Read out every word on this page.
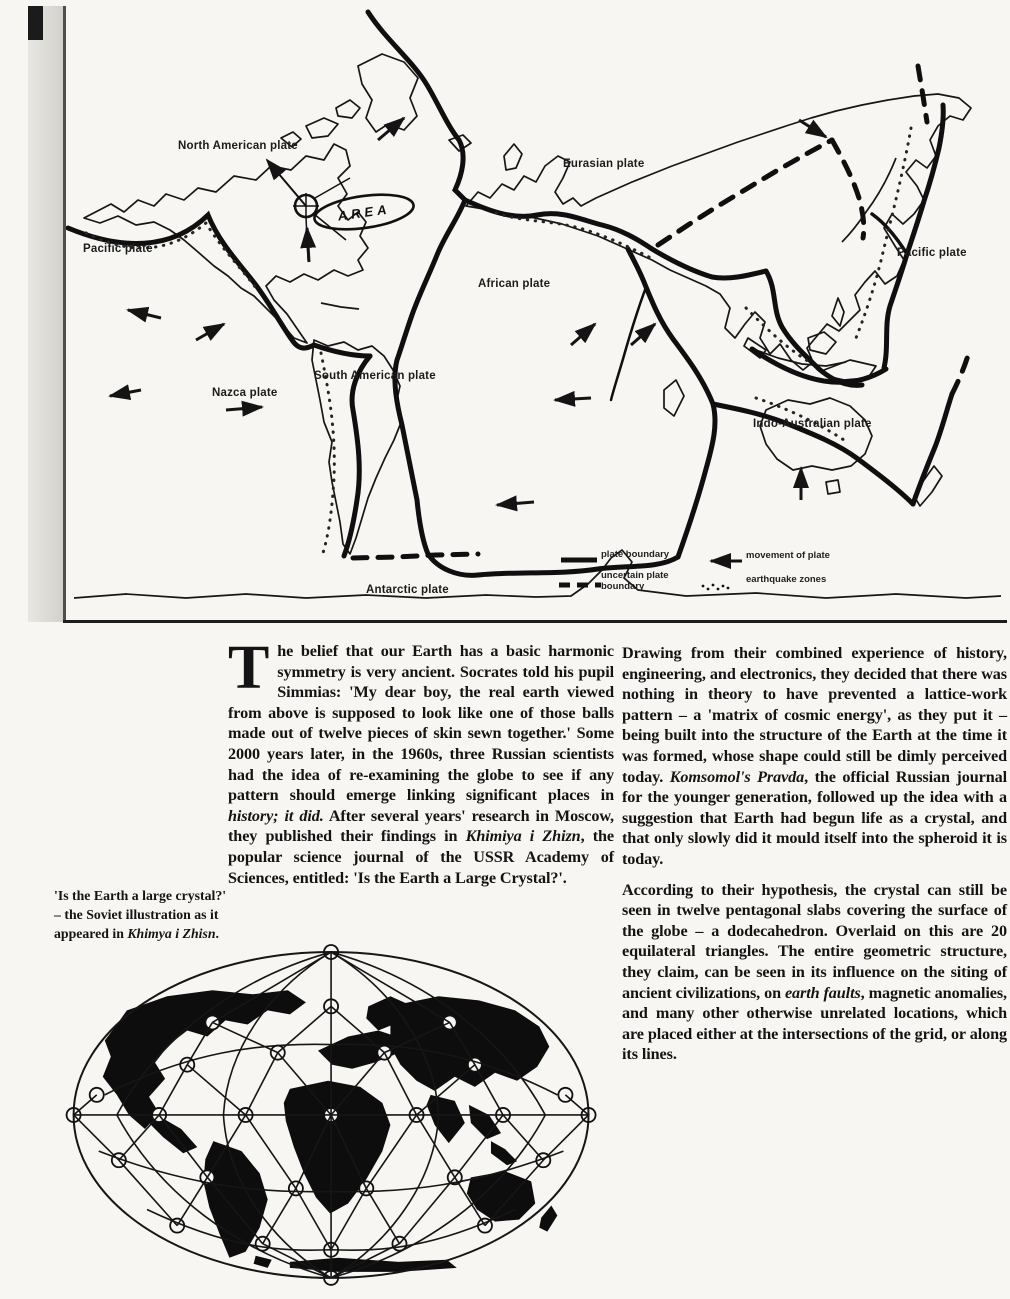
AREA
North American plate
Eurasian plate
Pacific plate	Pacific plate
African plate
South American plate
Nazca plate
Indo-Australian plate
Antarctic plate
plate boundary
uncertain plate boundary
movement of plate
earthquake zones

The belief that our Earth has a basic harmonic symmetry is very ancient. Socrates told his pupil Simmias: 'My dear boy, the real earth viewed from above is supposed to look like one of those balls made out of twelve pieces of skin sewn together.' Some 2000 years later, in the 1960s, three Russian scientists had the idea of re-examining the globe to see if any pattern should emerge linking significant places in history; it did. After several years' research in Moscow, they published their findings in Khimiya i Zhizn, the popular science journal of the USSR Academy of Sciences, entitled: 'Is the Earth a Large Crystal?'.

Drawing from their combined experience of history, engineering, and electronics, they decided that there was nothing in theory to have prevented a lattice-work pattern – a 'matrix of cosmic energy', as they put it – being built into the structure of the Earth at the time it was formed, whose shape could still be dimly perceived today. Komsomol's Pravda, the official Russian journal for the younger generation, followed up the idea with a suggestion that Earth had begun life as a crystal, and that only slowly did it mould itself into the spheroid it is today.

According to their hypothesis, the crystal can still be seen in twelve pentagonal slabs covering the surface of the globe – a dodecahedron. Overlaid on this are 20 equilateral triangles. The entire geometric structure, they claim, can be seen in its influence on the siting of ancient civilizations, on earth faults, magnetic anomalies, and many other otherwise unrelated locations, which are placed either at the intersections of the grid, or along its lines.

'Is the Earth a large crystal?' – the Soviet illustration as it appeared in Khimya i Zhisn.
